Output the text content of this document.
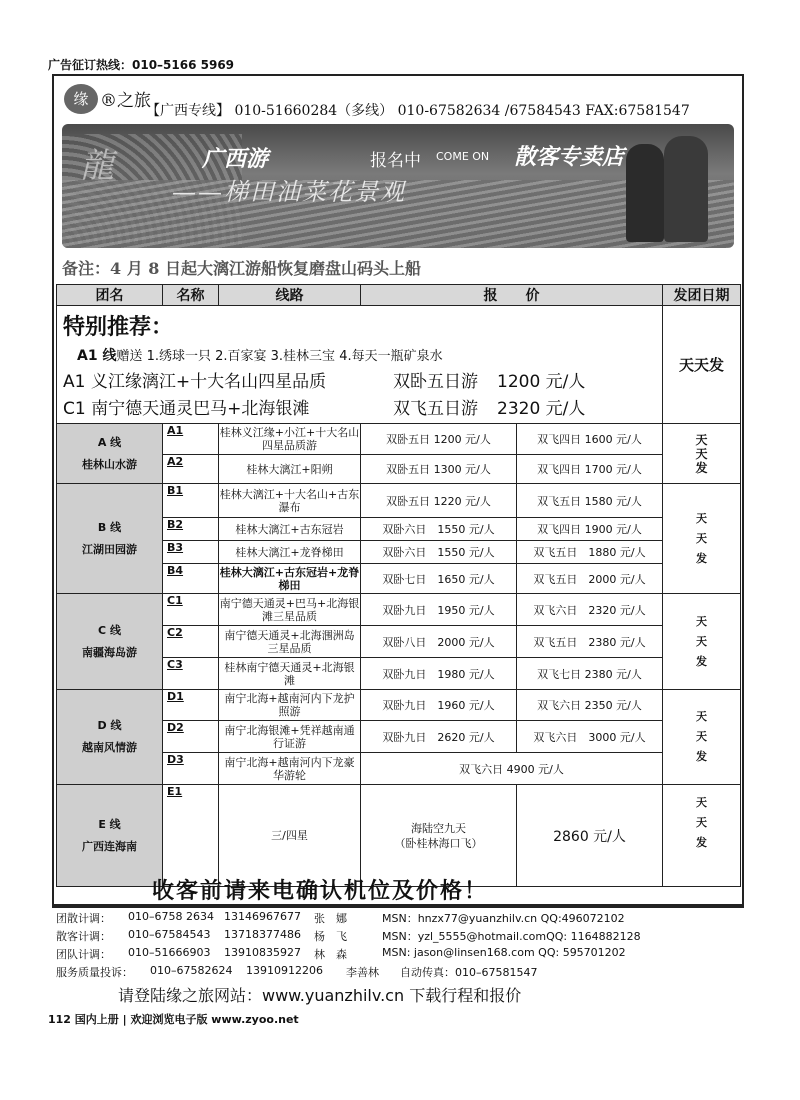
广告征订热线：010–5166 5969
缘 ®之旅
【广西专线】 010-51660284（多线） 010-67582634 /67584543 FAX:67581547
龍	广西游	报名中 COME ON 散客专卖店
——梯田油菜花景观
备注：4 月 8 日起大漓江游船恢复磨盘山码头上船
团名	名称	线路	报　　价		发团日期

特别推荐：
A1 线赠送 1.绣球一只 2.百家宴 3.桂林三宝 4.每天一瓶矿泉水
A1 义江缘漓江+十大名山四星品质 双卧五日游 1200 元/人
C1 南宁德天通灵巴马+北海银滩 双飞五日游 2320 元/人					天天发
A 线
桂林山水游	A1	桂林义江缘+小江+十大名山四星品质游	双卧五日 1200 元/人	双飞四日 1600 元/人	天天发

	A2	桂林大漓江+阳朔	双卧五日 1300 元/人	双飞四日 1700 元/人	
B 线
江湖田园游	B1	桂林大漓江+十大名山+古东瀑布	双卧五日 1220 元/人	双飞五日 1580 元/人	天天发

	B2	桂林大漓江+古东冠岩	双卧六日　1550 元/人	双飞四日 1900 元/人	
	B3	桂林大漓江+龙脊梯田	双卧六日　1550 元/人	双飞五日　1880 元/人	
	B4	桂林大漓江+古东冠岩+龙脊梯田	双卧七日　1650 元/人	双飞五日　2000 元/人	
C 线
南疆海岛游	C1	南宁德天通灵+巴马+北海银滩三星品质	双卧九日　1950 元/人	双飞六日　2320 元/人	天天发

	C2	南宁德天通灵+北海涠洲岛三星品质	双卧八日　2000 元/人	双飞五日　2380 元/人	
	C3	桂林南宁德天通灵+北海银滩	双卧九日　1980 元/人	双飞七日 2380 元/人	
D 线
越南风情游	D1	南宁北海+越南河内下龙护照游	双卧九日　1960 元/人	双飞六日 2350 元/人	天天发

	D2	南宁北海银滩+凭祥越南通行证游	双卧九日　2620 元/人	双飞六日　3000 元/人	
	D3	南宁北海+越南河内下龙豪华游轮	双飞六日 4900 元/人		
E 线
广西连海南	E1	三/四星	海陆空九天
（卧桂林海口飞）	2860 元/人	天天发
收客前请来电确认机位及价格！
团散计调： 010–6758 2634 13146967677 张　娜	MSN：hnzx77@yuanzhilv.cn QQ:496072102
散客计调： 010–67584543 13718377486 杨　飞	MSN：yzl_5555@hotmail.comQQ: 1164882128
团队计调： 010–51666903 13910835927 林　森	MSN: jason@linsen168.com QQ: 595701202
服务质量投诉： 010–67582624 13910912206 李善林 自动传真：010–67581547
请登陆缘之旅网站：www.yuanzhilv.cn 下载行程和报价
112 国内上册 | 欢迎浏览电子版 www.zyoo.net
